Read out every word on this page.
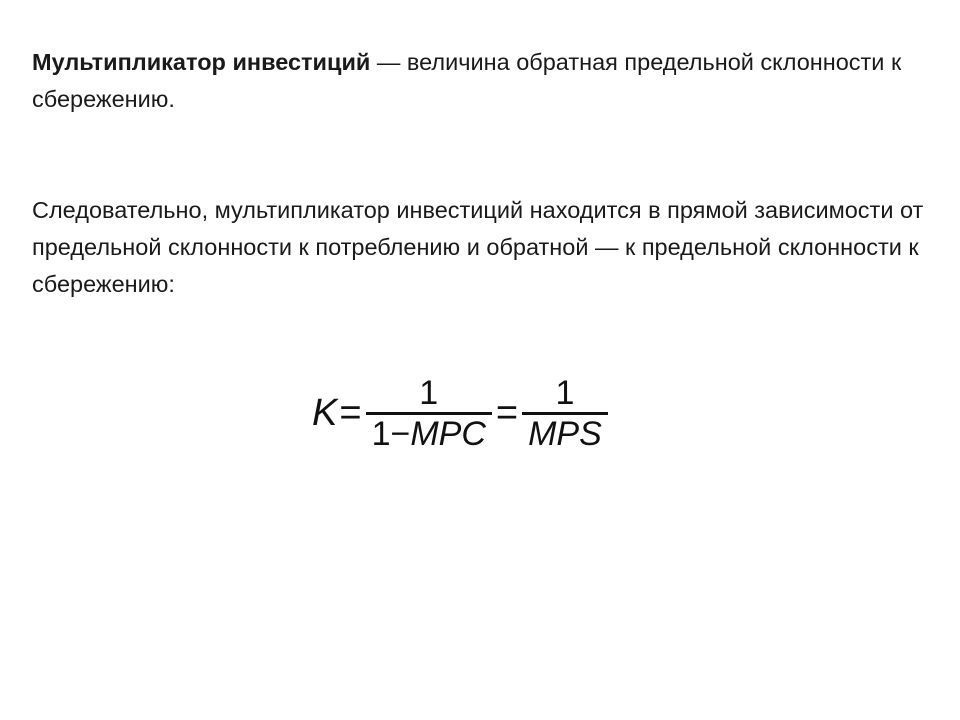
Мультипликатор инвестиций — величина обратная предельной склонности к сбережению.

Следовательно, мультипликатор инвестиций находится в прямой зависимости от предельной склонности к потреблению и обратной — к предельной склонности к сбережению:

$K = \frac{1}{\text{1−MPC}} = \frac{1}{\text{MPS}}$
